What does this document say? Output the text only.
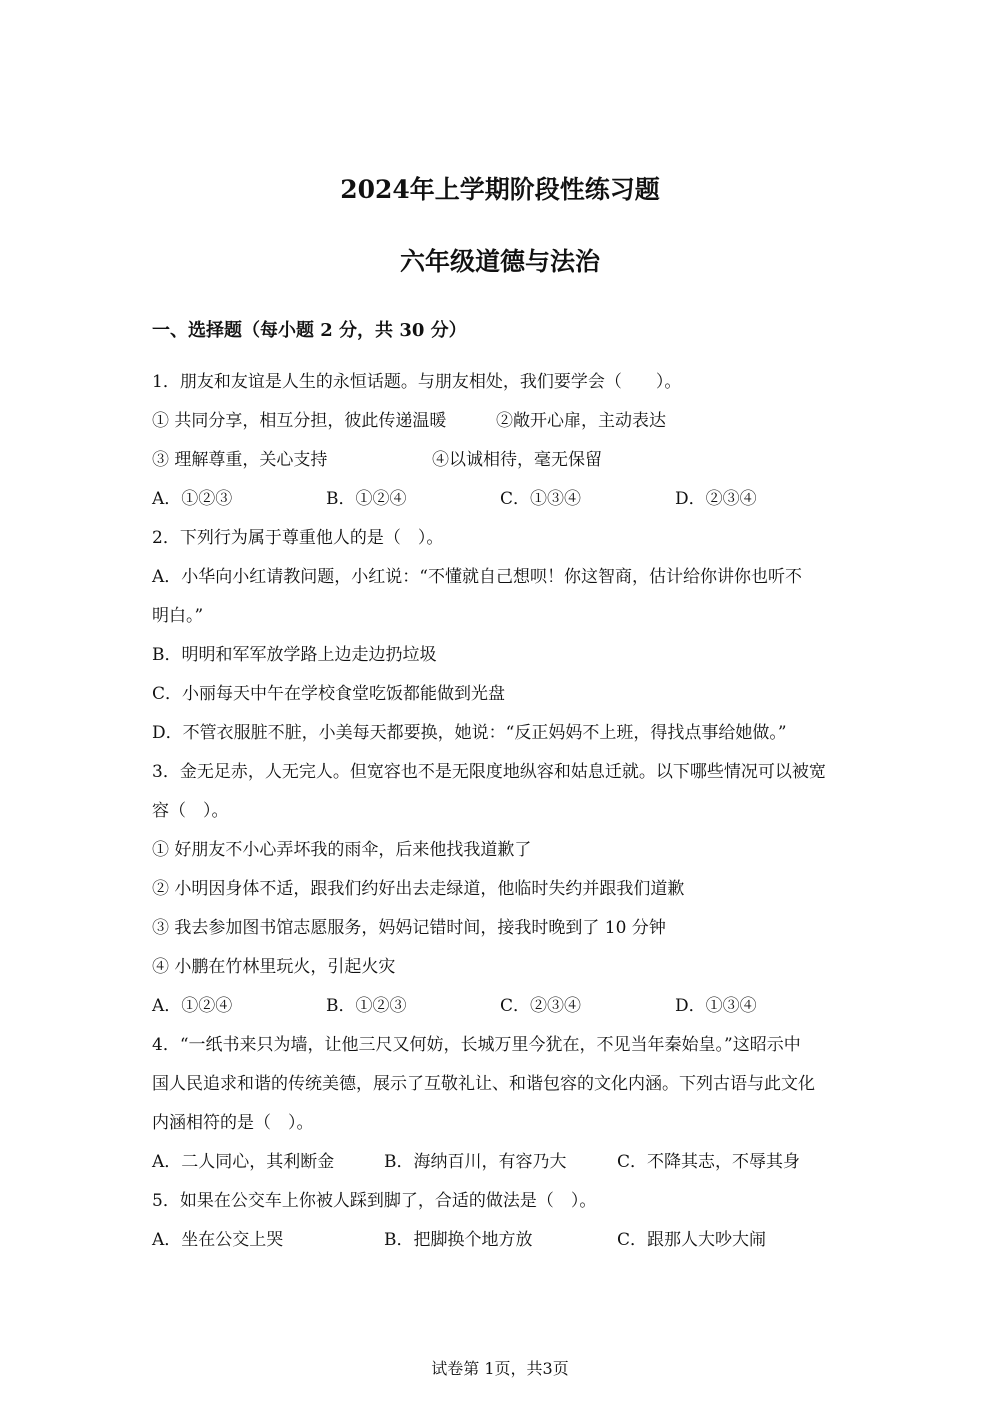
2024年上学期阶段性练习题
六年级道德与法治
一、选择题（每小题 2 分，共 30 分）
1．朋友和友谊是人生的永恒话题。与朋友相处，我们要学会（　　）。
① 共同分享，相互分担，彼此传递温暖	②敞开心扉，主动表达
③ 理解尊重，关心支持	④以诚相待，毫无保留
A．①②③	B．①②④	C．①③④	D．②③④
2．下列行为属于尊重他人的是（　）。
A．小华向小红请教问题，小红说：“不懂就自己想呗！你这智商，估计给你讲你也听不
明白。”
B．明明和军军放学路上边走边扔垃圾
C．小丽每天中午在学校食堂吃饭都能做到光盘
D．不管衣服脏不脏，小美每天都要换，她说：“反正妈妈不上班，得找点事给她做。”
3．金无足赤，人无完人。但宽容也不是无限度地纵容和姑息迁就。以下哪些情况可以被宽
容（　）。
① 好朋友不小心弄坏我的雨伞，后来他找我道歉了
② 小明因身体不适，跟我们约好出去走绿道，他临时失约并跟我们道歉
③ 我去参加图书馆志愿服务，妈妈记错时间，接我时晚到了 10 分钟
④ 小鹏在竹林里玩火，引起火灾
A．①②④	B．①②③	C．②③④	D．①③④
4．“一纸书来只为墙，让他三尺又何妨，长城万里今犹在，不见当年秦始皇。”这昭示中
国人民追求和谐的传统美德，展示了互敬礼让、和谐包容的文化内涵。下列古语与此文化
内涵相符的是（　）。
A．二人同心，其利断金	B．海纳百川，有容乃大	C．不降其志，不辱其身
5．如果在公交车上你被人踩到脚了，合适的做法是（　）。
A．坐在公交上哭	B．把脚换个地方放	C．跟那人大吵大闹
试卷第 1页，共3页
